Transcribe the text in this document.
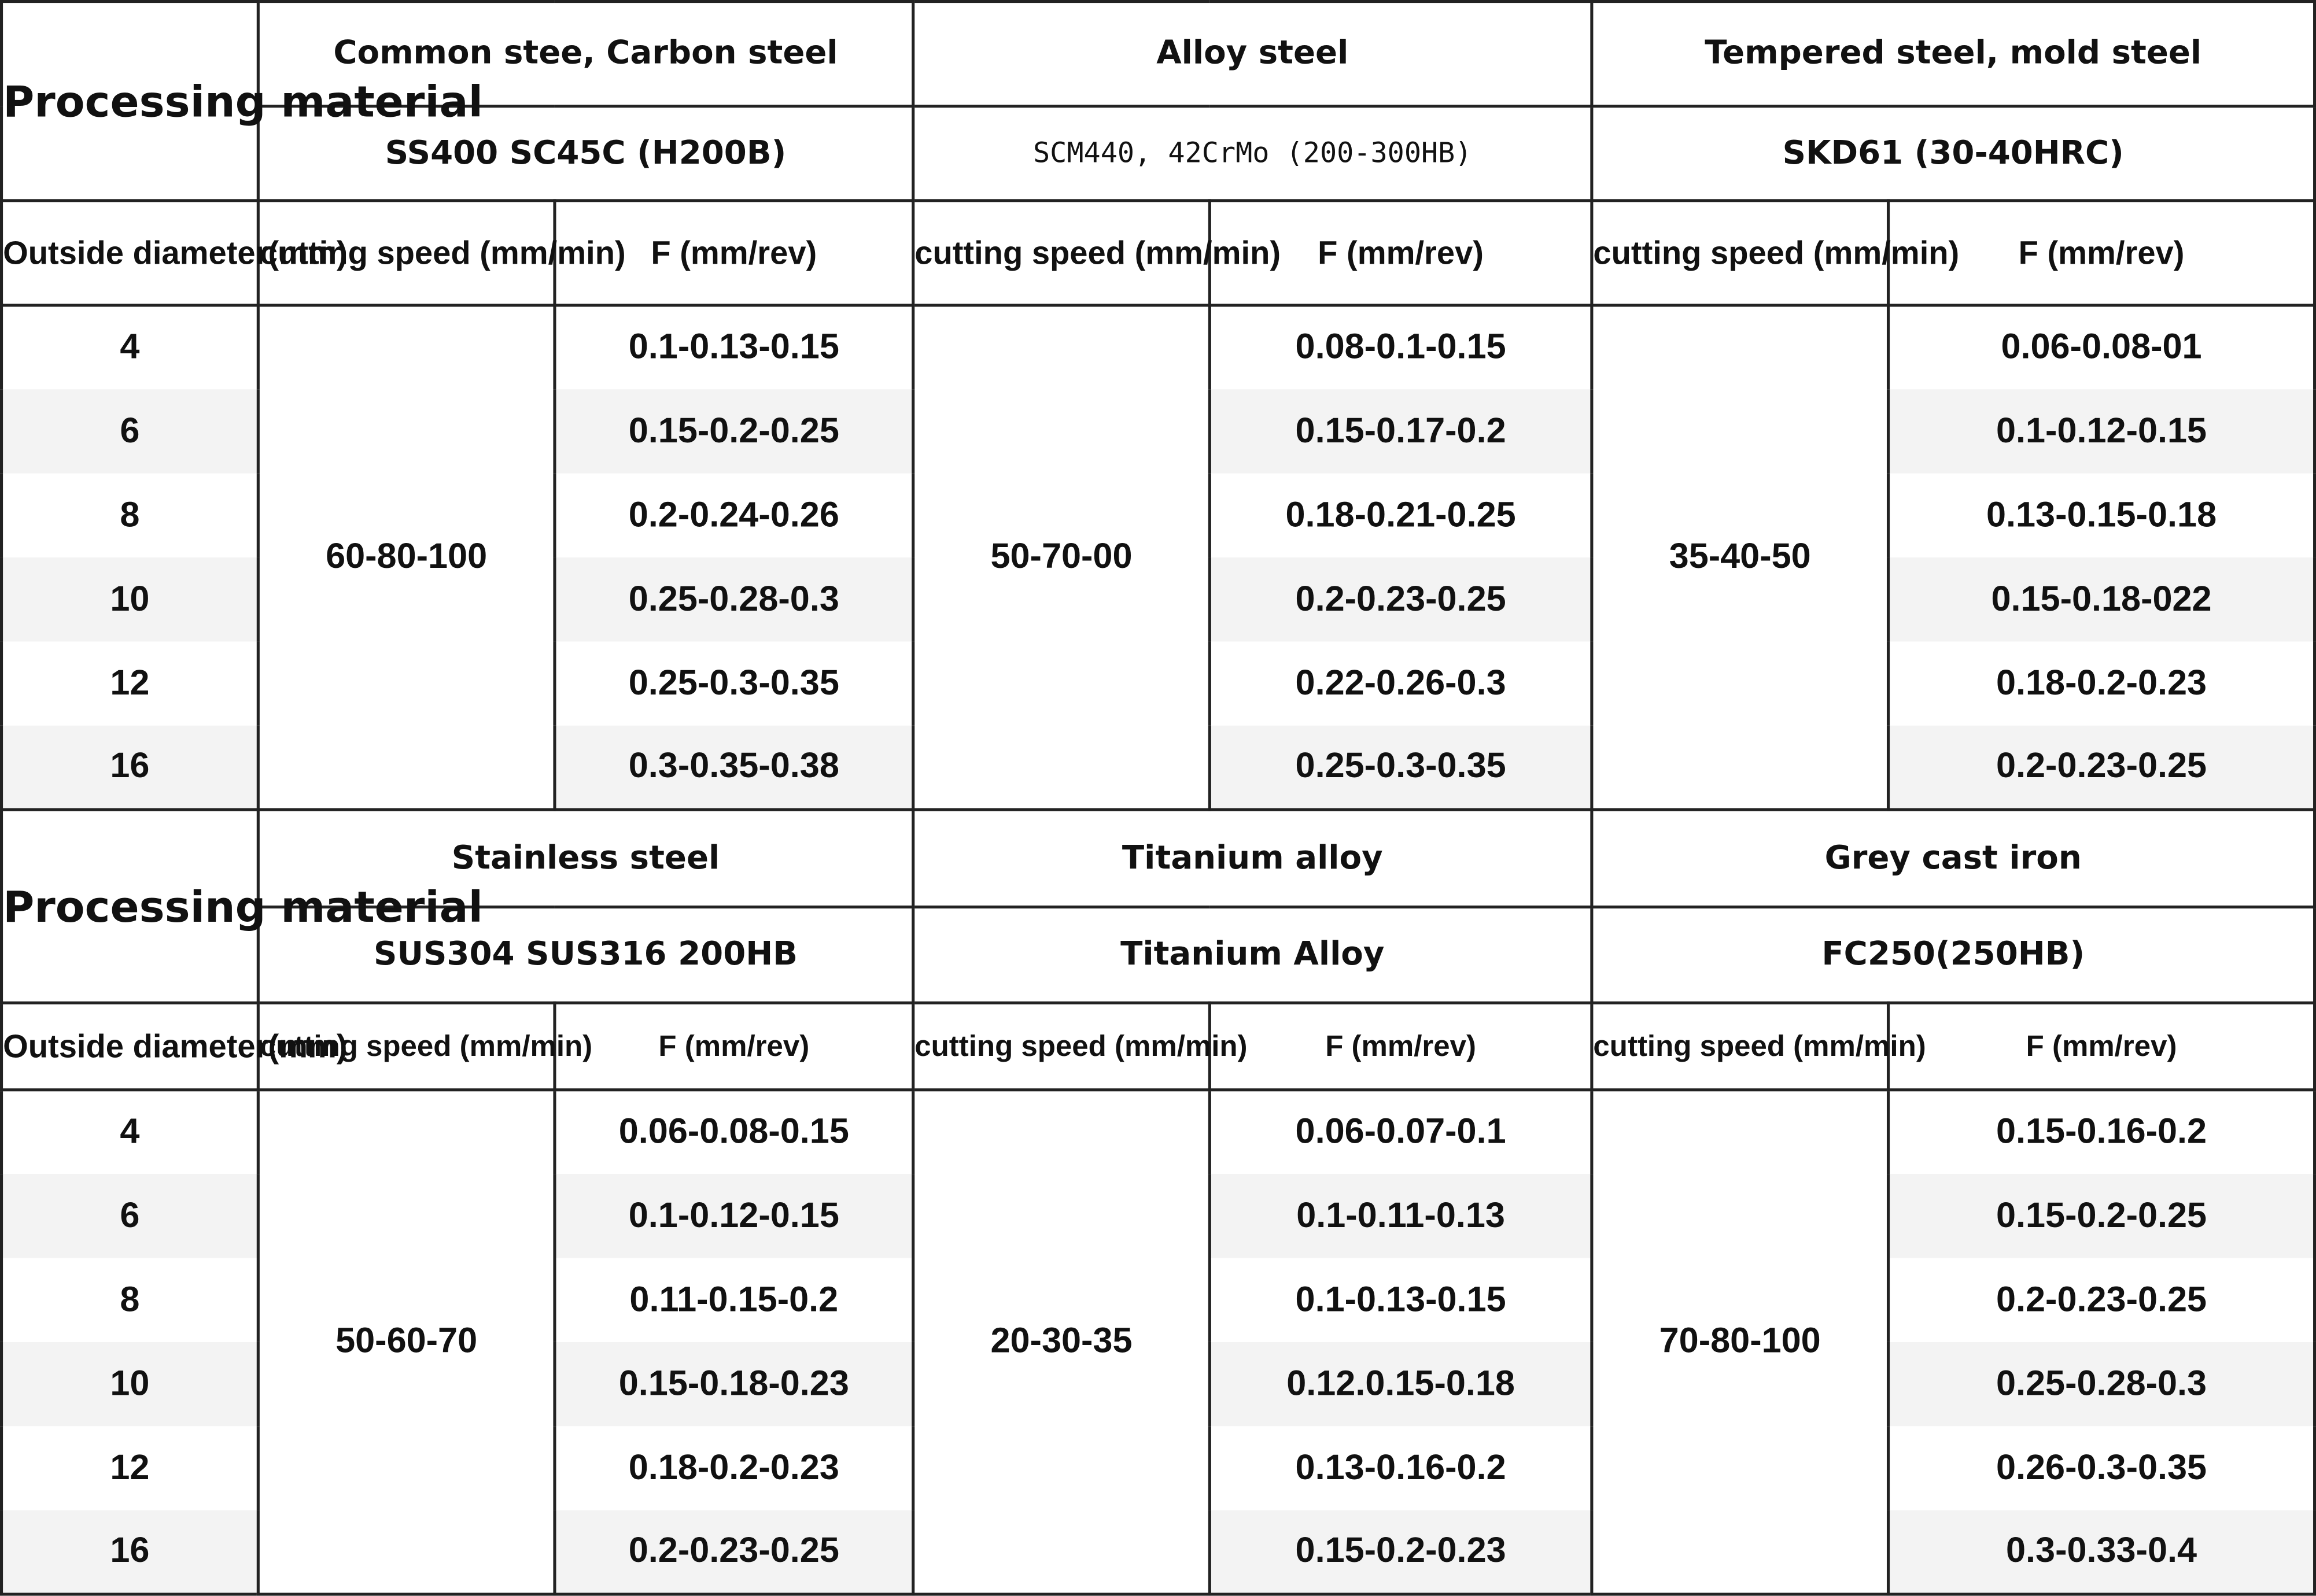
Processing material	Common stee, Carbon steel		Alloy steel		Tempered steel, mold steel	
	SS400 SC45C (H200B)		SCM440, 42CrMo (200-300HB)		SKD61 (30-40HRC)	
Outside diameter(mm)	cutting speed (mm/min)	F (mm/rev)	cutting speed (mm/min)	F (mm/rev)	cutting speed (mm/min)	F (mm/rev)
4	60-80-100	0.1-0.13-0.15	50-70-00	0.08-0.1-0.15	35-40-50	0.06-0.08-01
6		0.15-0.2-0.25		0.15-0.17-0.2		0.1-0.12-0.15
8		0.2-0.24-0.26		0.18-0.21-0.25		0.13-0.15-0.18
10		0.25-0.28-0.3		0.2-0.23-0.25		0.15-0.18-022
12		0.25-0.3-0.35		0.22-0.26-0.3		0.18-0.2-0.23
16		0.3-0.35-0.38		0.25-0.3-0.35		0.2-0.23-0.25
Processing material	Stainless steel		Titanium alloy		Grey cast iron	
	SUS304 SUS316 200HB		Titanium Alloy		FC250(250HB)	
Outside diameter(mm)	cutting speed (mm/min)	F (mm/rev)	cutting speed (mm/min)	F (mm/rev)	cutting speed (mm/min)	F (mm/rev)
4	50-60-70	0.06-0.08-0.15	20-30-35	0.06-0.07-0.1	70-80-100	0.15-0.16-0.2
6		0.1-0.12-0.15		0.1-0.11-0.13		0.15-0.2-0.25
8		0.11-0.15-0.2		0.1-0.13-0.15		0.2-0.23-0.25
10		0.15-0.18-0.23		0.12.0.15-0.18		0.25-0.28-0.3
12		0.18-0.2-0.23		0.13-0.16-0.2		0.26-0.3-0.35
16		0.2-0.23-0.25		0.15-0.2-0.23		0.3-0.33-0.4
